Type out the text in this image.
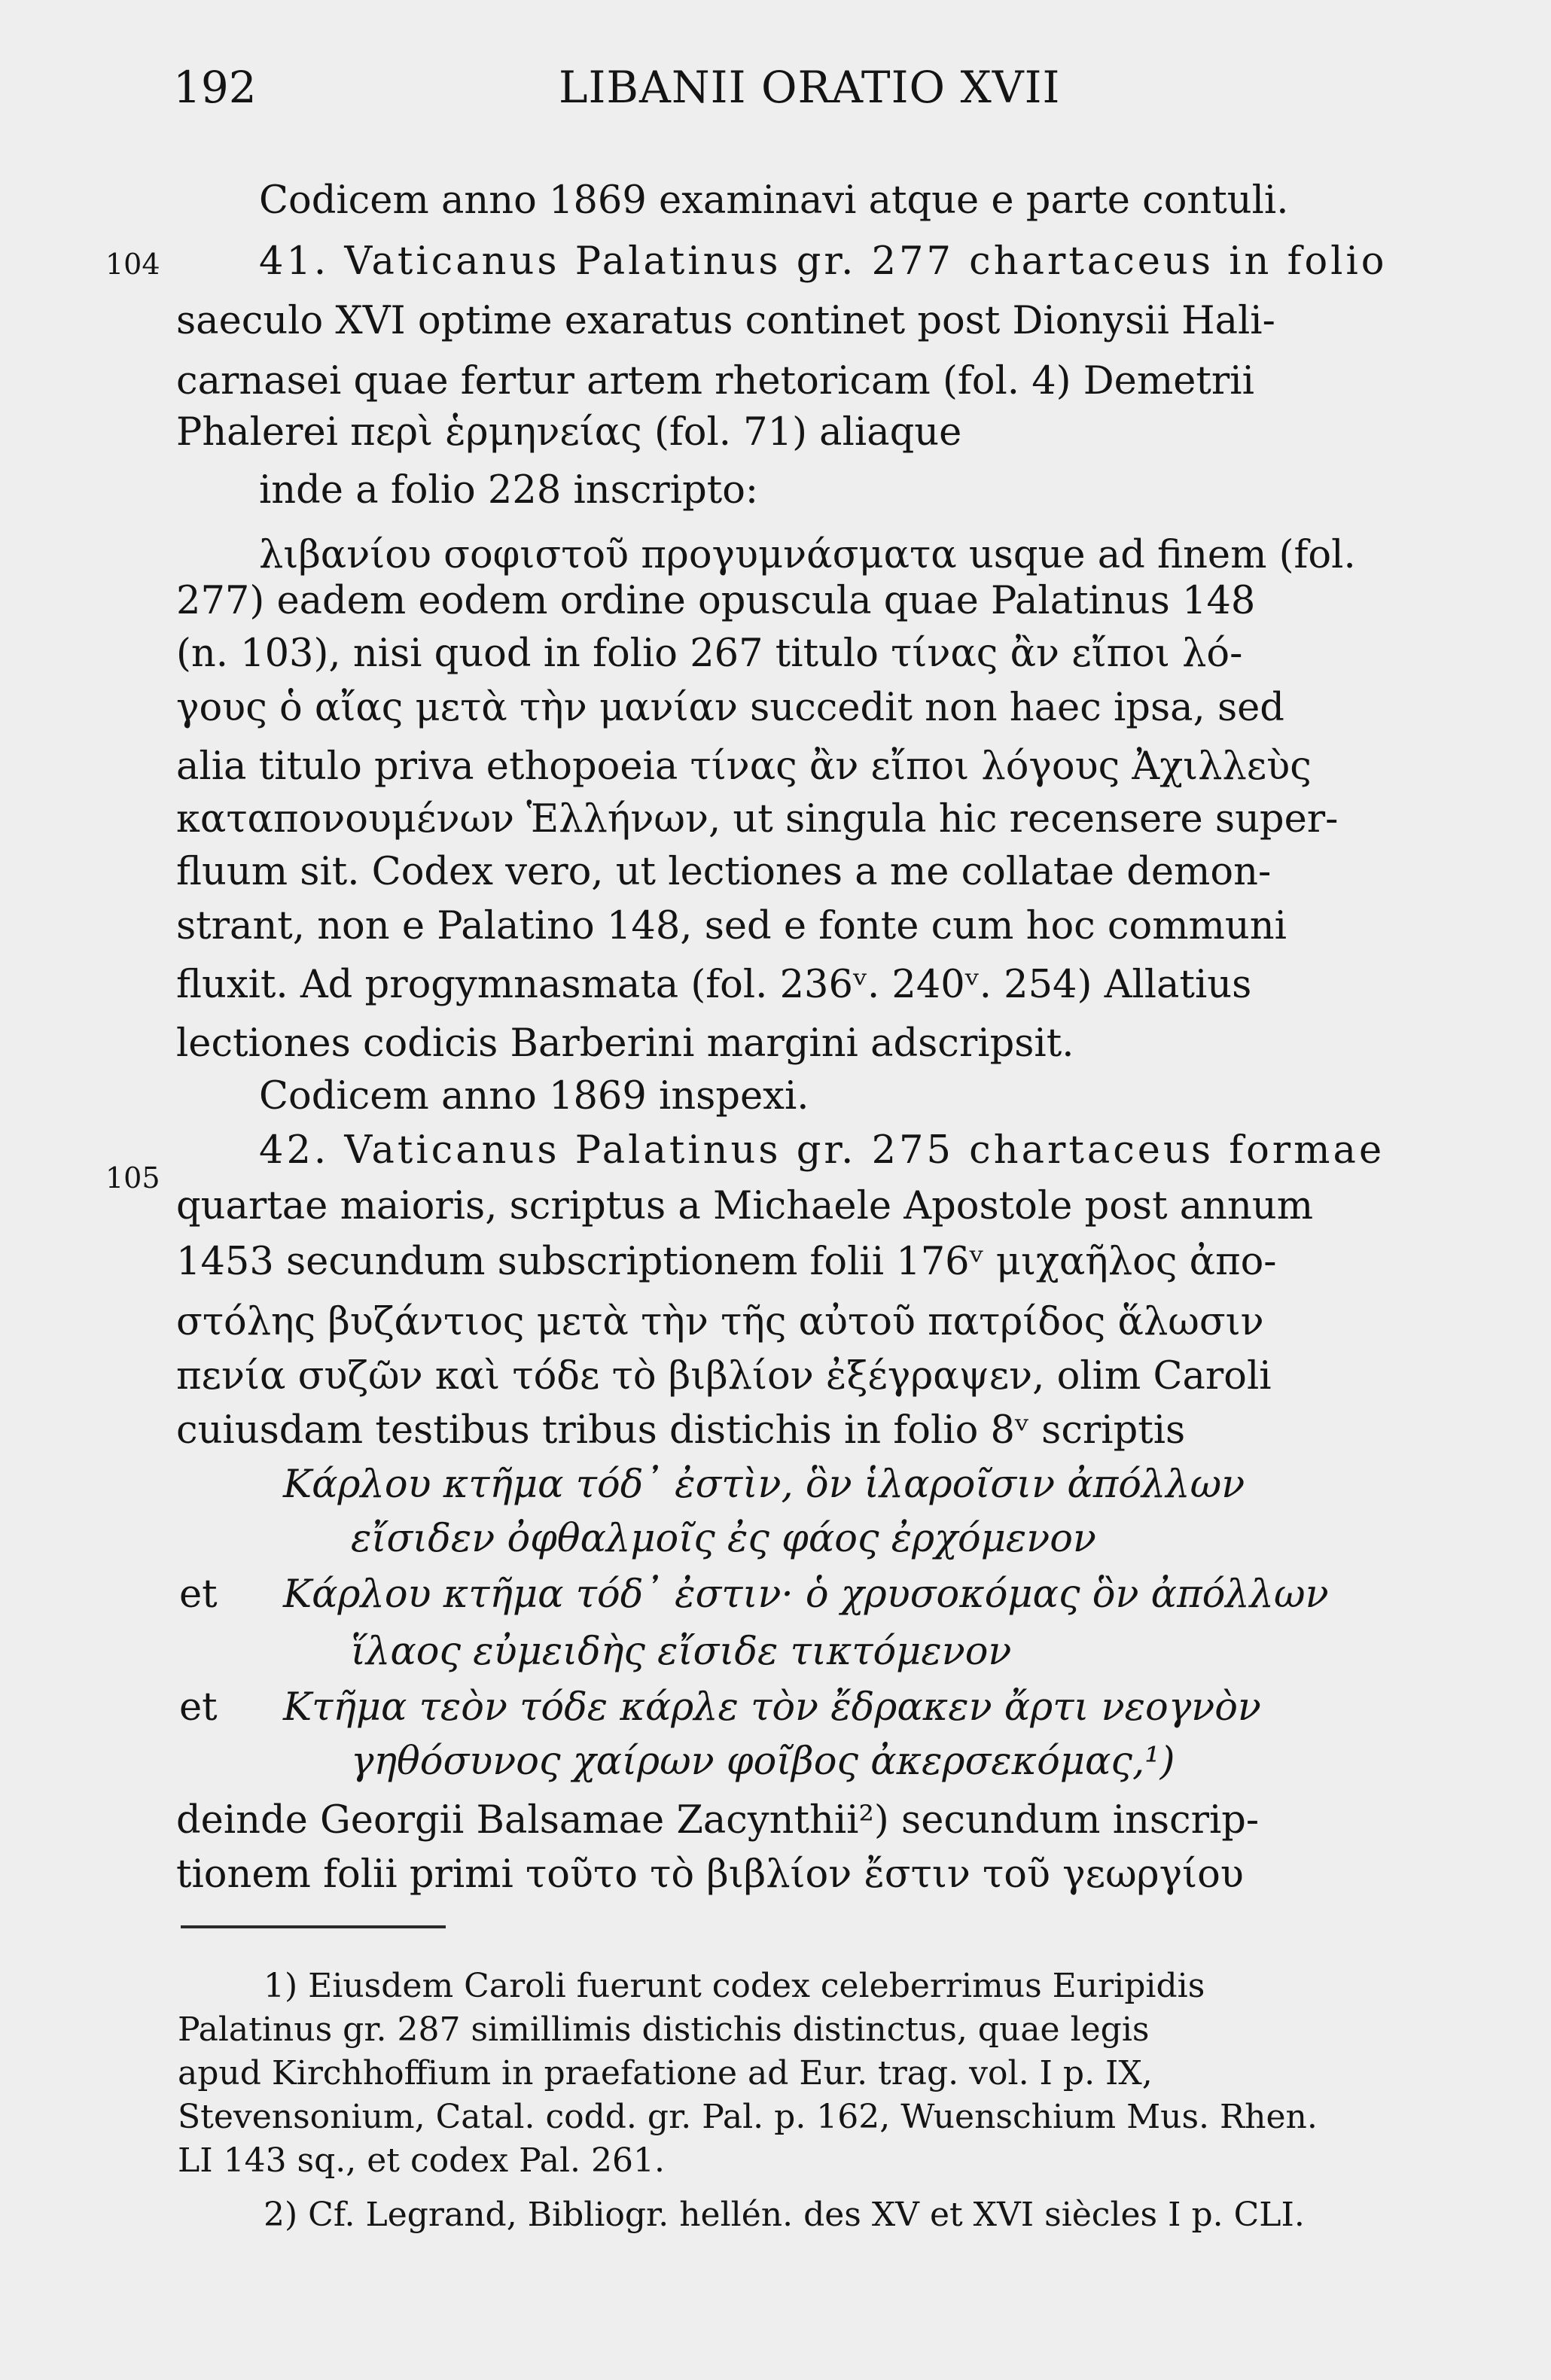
192	LIBANII ORATIO XVII
104
105
Codicem anno 1869 examinavi atque e parte contuli.
41. Vaticanus Palatinus gr. 277 chartaceus in folio
saeculo XVI optime exaratus continet post Dionysii Hali-
carnasei quae fertur artem rhetoricam (fol. 4) Demetrii
Phalerei περὶ ἑρμηνείας (fol. 71) aliaque
inde a folio 228 inscripto:
λιβανίου σοφιστοῦ προγυμνάσματα usque ad finem (fol.
277) eadem eodem ordine opuscula quae Palatinus 148
(n. 103), nisi quod in folio 267 titulo τίνας ἂν εἴποι λό-
γους ὁ αἴας μετὰ τὴν μανίαν succedit non haec ipsa, sed
alia titulo priva ethopoeia τίνας ἂν εἴποι λόγους Ἀχιλλεὺς
καταπονουμένων Ἑλλήνων, ut singula hic recensere super-
fluum sit. Codex vero, ut lectiones a me collatae demon-
strant, non e Palatino 148, sed e fonte cum hoc communi
fluxit. Ad progymnasmata (fol. 236ᵛ. 240ᵛ. 254) Allatius
lectiones codicis Barberini margini adscripsit.
Codicem anno 1869 inspexi.
42. Vaticanus Palatinus gr. 275 chartaceus formae
quartae maioris, scriptus a Michaele Apostole post annum
1453 secundum subscriptionem folii 176ᵛ μιχαῆλος ἀπο-
στόλης βυζάντιος μετὰ τὴν τῆς αὐτοῦ πατρίδος ἅλωσιν
πενία συζῶν καὶ τόδε τὸ βιβλίον ἐξέγραψεν, olim Caroli
cuiusdam testibus tribus distichis in folio 8ᵛ scriptis
Κάρλου κτῆμα τόδ᾽ ἐστὶν, ὃν ἱλαροῖσιν ἀπόλλων
εἴσιδεν ὀφθαλμοῖς ἐς φάος ἐρχόμενον
et Κάρλου κτῆμα τόδ᾽ ἐστιν· ὁ χρυσοκόμας ὃν ἀπόλλων
ἵλαος εὐμειδὴς εἴσιδε τικτόμενον
et Κτῆμα τεὸν τόδε κάρλε τὸν ἔδρακεν ἄρτι νεογνὸν
γηθόσυνος χαίρων φοῖβος ἀκερσεκόμας,¹)
deinde Georgii Balsamae Zacynthii²) secundum inscrip-
tionem folii primi τοῦτο τὸ βιβλίον ἔστιν τοῦ γεωργίου
1) Eiusdem Caroli fuerunt codex celeberrimus Euripidis
Palatinus gr. 287 simillimis distichis distinctus, quae legis
apud Kirchhoffium in praefatione ad Eur. trag. vol. I p. IX,
Stevensonium, Catal. codd. gr. Pal. p. 162, Wuenschium Mus. Rhen.
LI 143 sq., et codex Pal. 261.
2) Cf. Legrand, Bibliogr. hellén. des XV et XVI siècles I p. CLI.
